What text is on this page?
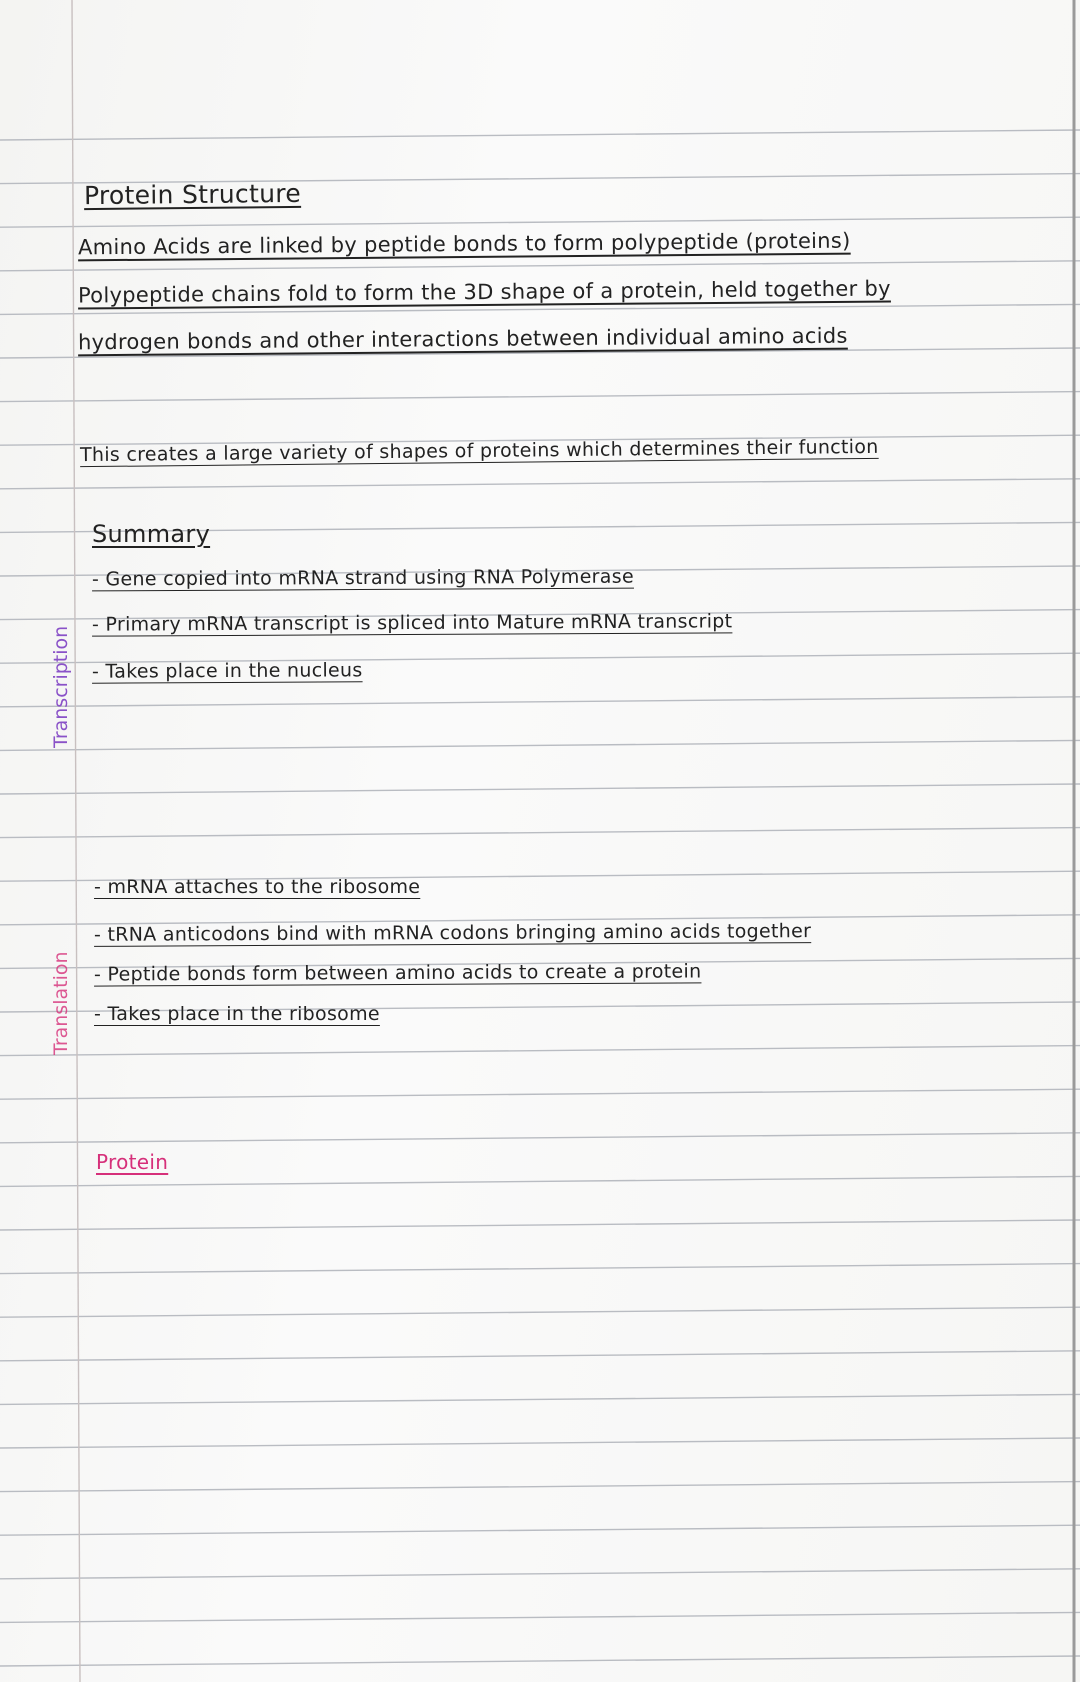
Protein Structure
Amino Acids are linked by peptide bonds to form polypeptide (proteins)
Polypeptide chains fold to form the 3D shape of a protein, held together by
hydrogen bonds and other interactions between individual amino acids
This creates a large variety of shapes of proteins which determines their function
Summary
- Gene copied into mRNA strand using RNA Polymerase
- Primary mRNA transcript is spliced into Mature mRNA transcript
- Takes place in the nucleus
Transcription
Translation
- mRNA attaches to the ribosome
- tRNA anticodons bind with mRNA codons bringing amino acids together
- Peptide bonds form between amino acids to create a protein
- Takes place in the ribosome
Protein
